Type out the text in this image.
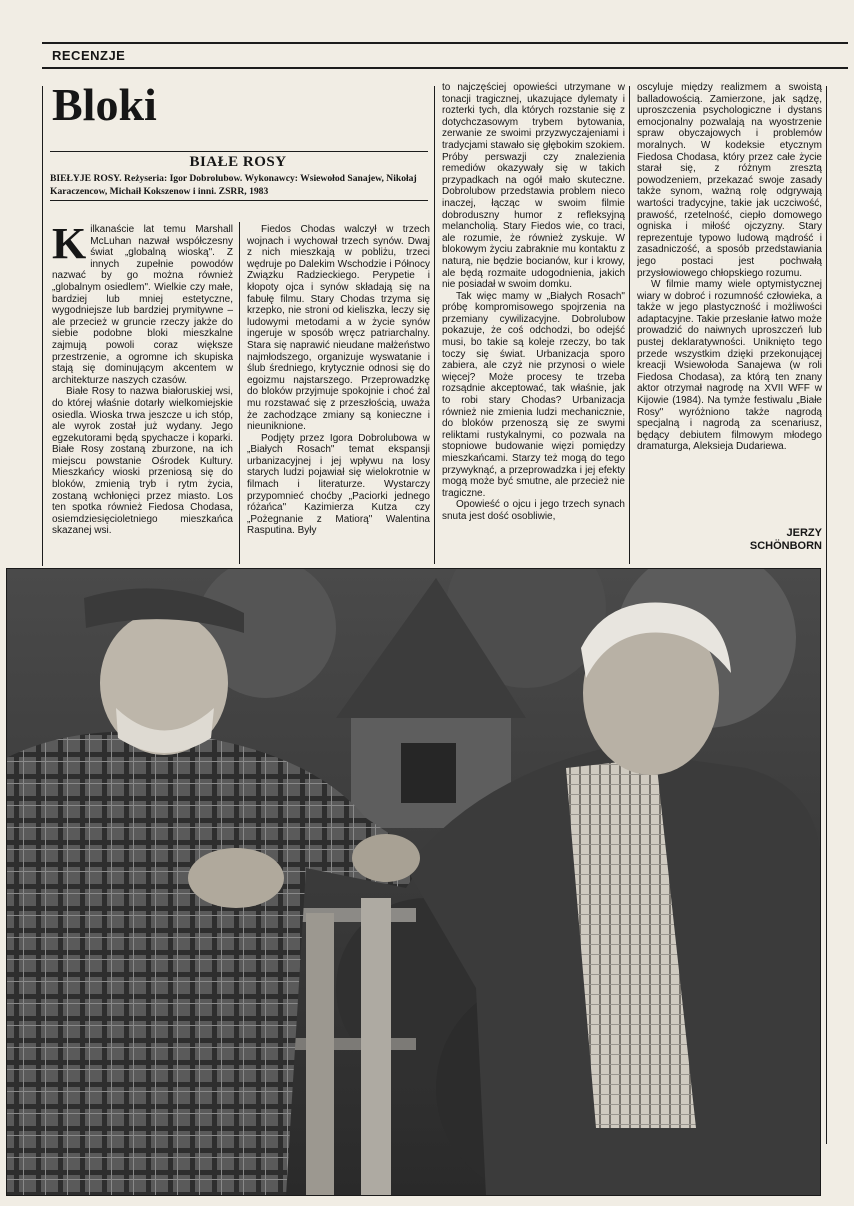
RECENZJE
Bloki
BIAŁE ROSY
BIEŁYJE ROSY. Reżyseria: Igor Dobrolubow. Wykonawcy: Wsiewołod Sanajew, Nikołaj Karaczencow, Michaił Kokszenow i inni. ZSRR, 1983

Kilkanaście lat temu Marshall McLuhan nazwał współczesny świat „globalną wioską". Z innych zupełnie powodów nazwać by go można również „globalnym osiedlem". Wielkie czy małe, bardziej lub mniej estetyczne, wygodniejsze lub bardziej prymitywne – ale przecież w gruncie rzeczy jakże do siebie podobne bloki mieszkalne zajmują powoli coraz większe przestrzenie, a ogromne ich skupiska stają się dominującym akcentem w architekturze naszych czasów.

Białe Rosy to nazwa białoruskiej wsi, do której właśnie dotarły wielkomiejskie osiedla. Wioska trwa jeszcze u ich stóp, ale wyrok został już wydany. Jego egzekutorami będą spychacze i koparki. Białe Rosy zostaną zburzone, na ich miejscu powstanie Ośrodek Kultury. Mieszkańcy wioski przeniosą się do bloków, zmienią tryb i rytm życia, zostaną wchłonięci przez miasto. Los ten spotka również Fiedosa Chodasa, osiemdziesięcioletniego mieszkańca skazanej wsi.

Fiedos Chodas walczył w trzech wojnach i wychował trzech synów. Dwaj z nich mieszkają w pobliżu, trzeci wędruje po Dalekim Wschodzie i Północy Związku Radzieckiego. Perypetie i kłopoty ojca i synów składają się na fabułę filmu. Stary Chodas trzyma się krzepko, nie stroni od kieliszka, leczy się ludowymi metodami a w życie synów ingeruje w sposób wręcz patriarchalny. Stara się naprawić nieudane małżeństwo najmłodszego, organizuje wyswatanie i ślub średniego, krytycznie odnosi się do egoizmu najstarszego. Przeprowadzkę do bloków przyjmuje spokojnie i choć żal mu rozstawać się z przeszłością, uważa że zachodzące zmiany są konieczne i nieuniknione.

Podjęty przez Igora Dobrolubowa w „Białych Rosach" temat ekspansji urbanizacyjnej i jej wpływu na losy starych ludzi pojawiał się wielokrotnie w filmach i literaturze. Wystarczy przypomnieć choćby „Paciorki jednego różańca" Kazimierza Kutza czy „Pożegnanie z Matiorą" Walentina Rasputina. Były

to najczęściej opowieści utrzymane w tonacji tragicznej, ukazujące dylematy i rozterki tych, dla których rozstanie się z dotychczasowym trybem bytowania, zerwanie ze swoimi przyzwyczajeniami i tradycjami stawało się głębokim szokiem. Próby perswazji czy znalezienia remediów okazywały się w takich przypadkach na ogół mało skuteczne. Dobrolubow przedstawia problem nieco inaczej, łącząc w swoim filmie dobroduszny humor z refleksyjną melancholią. Stary Fiedos wie, co traci, ale rozumie, że również zyskuje. W blokowym życiu zabraknie mu kontaktu z naturą, nie będzie bocianów, kur i krowy, ale będą rozmaite udogodnienia, jakich nie posiadał w swoim domku.

Tak więc mamy w „Białych Rosach" próbę kompromisowego spojrzenia na przemiany cywilizacyjne. Dobrolubow pokazuje, że coś odchodzi, bo odejść musi, bo takie są koleje rzeczy, bo tak toczy się świat. Urbanizacja sporo zabiera, ale czyż nie przynosi o wiele więcej? Może procesy te trzeba rozsądnie akceptować, tak właśnie, jak to robi stary Chodas? Urbanizacja również nie zmienia ludzi mechanicznie, do bloków przenoszą się ze swymi reliktami rustykalnymi, co pozwala na stopniowe budowanie więzi pomiędzy mieszkańcami. Starzy też mogą do tego przywyknąć, a przeprowadzka i jej efekty mogą może być smutne, ale przecież nie tragiczne.

Opowieść o ojcu i jego trzech synach snuta jest dość osobliwie,

oscyluje między realizmem a swoistą balladowością. Zamierzone, jak sądzę, uproszczenia psychologiczne i dystans emocjonalny pozwalają na wyostrzenie spraw obyczajowych i problemów moralnych. W kodeksie etycznym Fiedosa Chodasa, który przez całe życie starał się, z różnym zresztą powodzeniem, przekazać swoje zasady także synom, ważną rolę odgrywają wartości tradycyjne, takie jak uczciwość, prawość, rzetelność, ciepło domowego ogniska i miłość ojczyzny. Stary reprezentuje typowo ludową mądrość i zasadniczość, a sposób przedstawiania jego postaci jest pochwałą przysłowiowego chłopskiego rozumu.

W filmie mamy wiele optymistycznej wiary w dobroć i rozumność człowieka, a także w jego plastyczność i możliwości adaptacyjne. Takie przesłanie łatwo może prowadzić do naiwnych uproszczeń lub pustej deklaratywności. Uniknięto tego przede wszystkim dzięki przekonującej kreacji Wsiewołoda Sanajewa (w roli Fiedosa Chodasa), za którą ten znany aktor otrzymał nagrodę na XVII WFF w Kijowie (1984). Na tymże festiwalu „Białe Rosy" wyróżniono także nagrodą specjalną i nagrodą za scenariusz, będący debiutem filmowym młodego dramaturga, Aleksieja Dudariewa.

JERZY
SCHÖNBORN
